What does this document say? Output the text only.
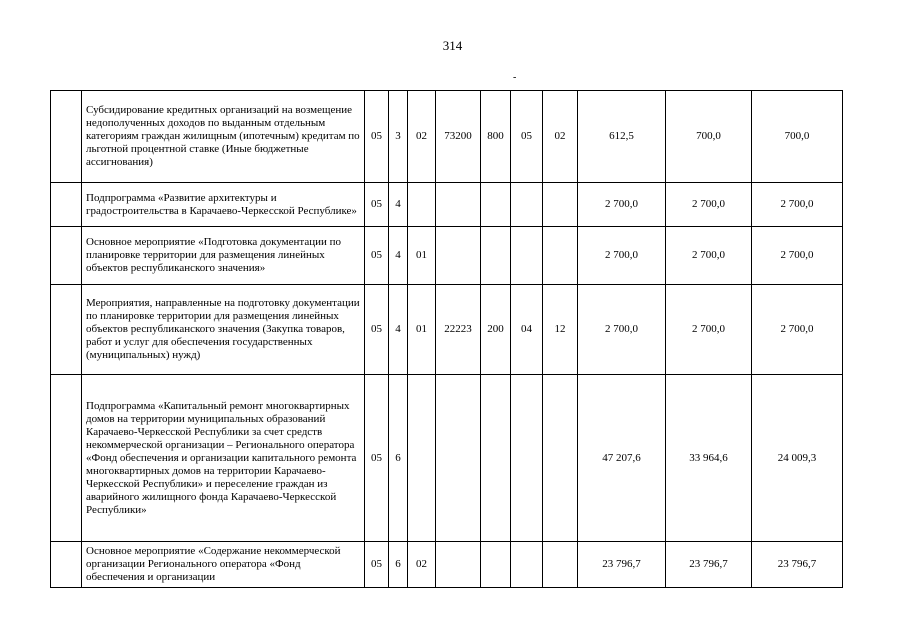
314
-
	Субсидирование кредитных организаций на возмещение недополученных доходов по выданным отдельным категориям граждан жилищным (ипотечным) кредитам по льготной процентной ставке (Иные бюджетные ассигнования)	05	3	02	73200	800	05	02	612,5	700,0	700,0
	Подпрограмма «Развитие архитектуры и градостроительства в Карачаево-Черкесской Республике»	05	4						2 700,0	2 700,0	2 700,0
	Основное мероприятие «Подготовка документации по планировке территории для размещения линейных объектов республиканского значения»	05	4	01					2 700,0	2 700,0	2 700,0
	Мероприятия, направленные на подготовку документации по планировке территории для размещения линейных объектов республиканского значения (Закупка товаров, работ и услуг для обеспечения государственных (муниципальных) нужд)	05	4	01	22223	200	04	12	2 700,0	2 700,0	2 700,0
	Подпрограмма «Капитальный ремонт многоквартирных домов на территории муниципальных образований Карачаево-Черкесской Республики за счет средств некоммерческой организации – Регионального оператора «Фонд обеспечения и организации капитального ремонта многоквартирных домов на территории Карачаево-Черкесской Республики» и переселение граждан из аварийного жилищного фонда Карачаево-Черкесской Республики»	05	6						47 207,6	33 964,6	24 009,3
	Основное мероприятие «Содержание некоммерческой организации Регионального оператора «Фонд обеспечения и организации	05	6	02					23 796,7	23 796,7	23 796,7
